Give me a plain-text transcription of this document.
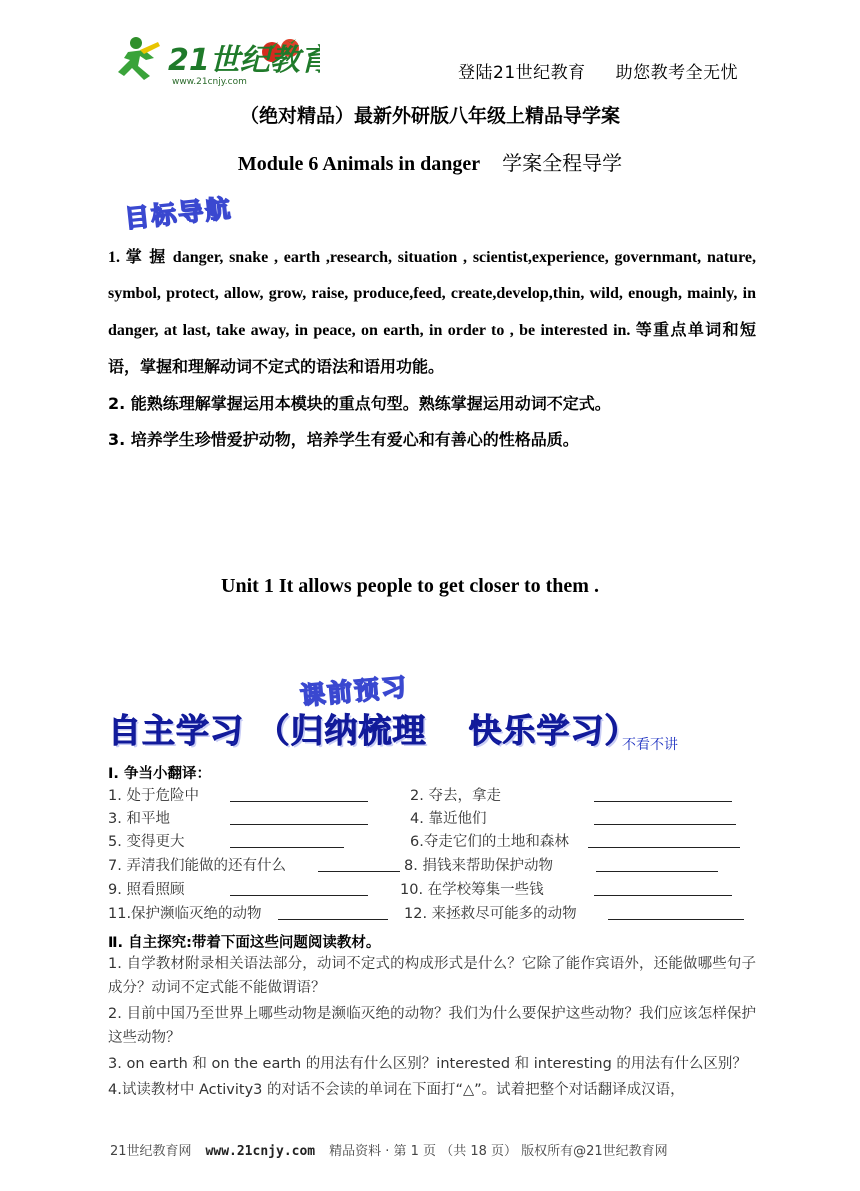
21世纪教育
www.21cnjy.com	登陆21世纪教育 助您教考全无忧
（绝对精品）最新外研版八年级上精品导学案
Module 6 Animals in danger 学案全程导学
目标导航
1. 掌 握 danger, snake , earth ,research, situation , scientist,experience, governmant, nature, symbol, protect, allow, grow, raise, produce,feed, create,develop,thin, wild, enough, mainly, in danger, at last, take away, in peace, on earth, in order to , be interested in. 等重点单词和短语，掌握和理解动词不定式的语法和语用功能。
2. 能熟练理解掌握运用本模块的重点句型。熟练掌握运用动词不定式。
3. 培养学生珍惜爱护动物，培养学生有爱心和有善心的性格品质。
Unit 1 It allows people to get closer to them .
课前预习
自主学习 （归纳梳理 快乐学习）
不看不讲
Ⅰ. 争当小翻译：
1. 处于危险中	2. 夺去，拿走
3. 和平地	4. 靠近他们
5. 变得更大	6.夺走它们的土地和森林
7. 弄清我们能做的还有什么	8. 捐钱来帮助保护动物
9. 照看照顾	10. 在学校筹集一些钱
11.保护濒临灭绝的动物	12. 来拯救尽可能多的动物
Ⅱ. 自主探究:带着下面这些问题阅读教材。

1. 自学教材附录相关语法部分，动词不定式的构成形式是什么？它除了能作宾语外，还能做哪些句子成分？动词不定式能不能做谓语？

2. 目前中国乃至世界上哪些动物是濒临灭绝的动物？我们为什么要保护这些动物？我们应该怎样保护这些动物？

3. on earth 和 on the earth 的用法有什么区别？interested 和 interesting 的用法有什么区别？

4.试读教材中 Activity3 的对话不会读的单词在下面打“△”。试着把整个对话翻译成汉语，

21世纪教育网 www.21cnjy.com 精品资料 · 第 1 页 （共 18 页） 版权所有@21世纪教育网
